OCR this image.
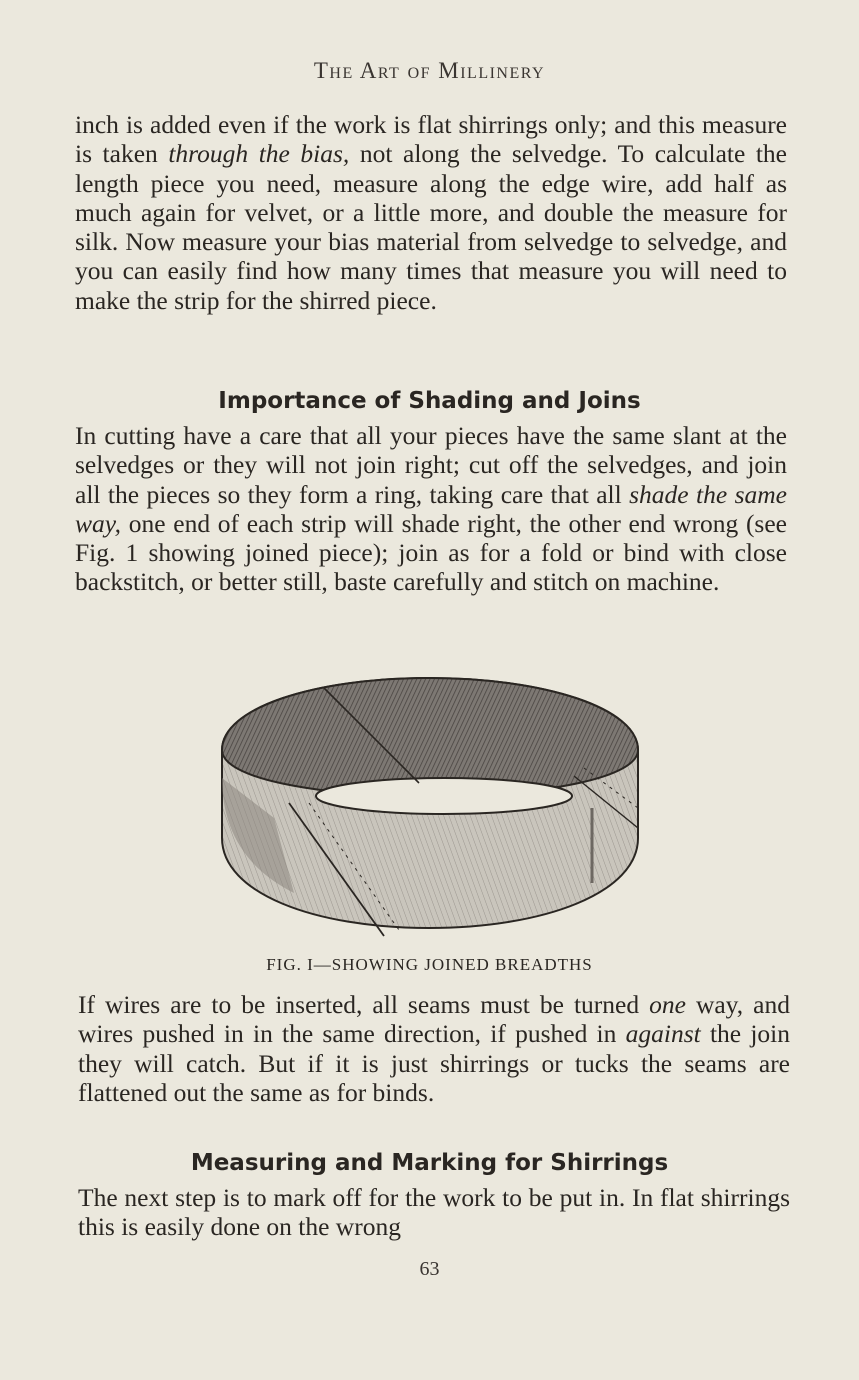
The Art of Millinery

inch is added even if the work is flat shirrings only; and this measure is taken through the bias, not along the selvedge. To calculate the length piece you need, measure along the edge wire, add half as much again for velvet, or a little more, and double the measure for silk. Now measure your bias material from selvedge to selvedge, and you can easily find how many times that measure you will need to make the strip for the shirred piece.

Importance of Shading and Joins

In cutting have a care that all your pieces have the same slant at the selvedges or they will not join right; cut off the selvedges, and join all the pieces so they form a ring, taking care that all shade the same way, one end of each strip will shade right, the other end wrong (see Fig. 1 showing joined piece); join as for a fold or bind with close backstitch, or better still, baste carefully and stitch on machine.

FIG. I—SHOWING JOINED BREADTHS

If wires are to be inserted, all seams must be turned one way, and wires pushed in in the same direction, if pushed in against the join they will catch. But if it is just shirrings or tucks the seams are flattened out the same as for binds.

Measuring and Marking for Shirrings

The next step is to mark off for the work to be put in. In flat shirrings this is easily done on the wrong

63
